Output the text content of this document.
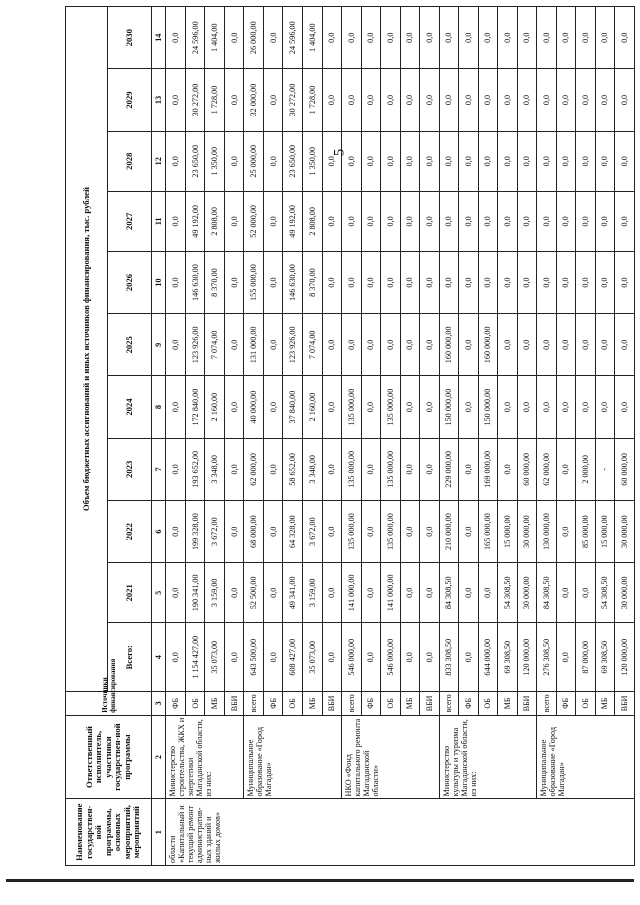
5
Наименование государствен-ной программы, основных мероприятий, мероприятий	Ответственный исполнитель, участники государствен-ной программы	Источники финансирования	Объем бюджетных ассигнований и иных источников финансирования, тыс. рублей										
			Всего:	2021	2022	2023	2024	2025	2026	2027	2028	2029	2030
1	2	3	4	5	6	7	8	9	10	11	12	13	14
области «Капитальный и текущий ремонт административ-ных зданий и жилых домов»	Министерство строительства, ЖКХ и энергетики Магаданской области, из них:	ФБ	0,0	0,0	0,0	0,0	0,0	0,0	0,0	0,0	0,0	0,0	0,0
		ОБ	1 154 427,00	190 341,00	199 328,00	193 652,00	172 840,00	123 926,00	146 630,00	49 192,00	23 650,00	30 272,00	24 596,00
		МБ	35 073,00	3 159,00	3 672,00	3 348,00	2 160,00	7 074,00	8 370,00	2 808,00	1 350,00	1 728,00	1 404,00
		ВБИ	0,0	0,0	0,0	0,0	0,0	0,0	0,0	0,0	0,0	0,0	0,0
	Муниципальное образование «Город Магадан»	всего	643 500,00	52 500,00	68 000,00	62 000,00	40 000,00	131 000,00	155 000,00	52 000,00	25 000,00	32 000,00	26 000,00
		ФБ	0,0	0,0	0,0	0,0	0,0	0,0	0,0	0,0	0,0	0,0	0,0
		ОБ	608 427,00	49 341,00	64 328,00	58 652,00	37 840,00	123 926,00	146 630,00	49 192,00	23 650,00	30 272,00	24 596,00
		МБ	35 073,00	3 159,00	3 672,00	3 348,00	2 160,00	7 074,00	8 370,00	2 808,00	1 350,00	1 728,00	1 404,00
		ВБИ	0,0	0,0	0,0	0,0	0,0	0,0	0,0	0,0	0,0	0,0	0,0
	НКО «Фонд капитального ремонта Магаданской области»	всего	546 000,00	141 000,00	135 000,00	135 000,00	135 000,00	0,0	0,0	0,0	0,0	0,0	0,0
		ФБ	0,0	0,0	0,0	0,0	0,0	0,0	0,0	0,0	0,0	0,0	0,0
		ОБ	546 000,00	141 000,00	135 000,00	135 000,00	135 000,00	0,0	0,0	0,0	0,0	0,0	0,0
		МБ	0,0	0,0	0,0	0,0	0,0	0,0	0,0	0,0	0,0	0,0	0,0
		ВБИ	0,0	0,0	0,0	0,0	0,0	0,0	0,0	0,0	0,0	0,0	0,0
	Министерство культуры и туризма Магаданской области, из них:	всего	833 308,50	84 308,50	210 000,00	229 000,00	150 000,00	160 000,00	0,0	0,0	0,0	0,0	0,0
		ФБ	0,0	0,0	0,0	0,0	0,0	0,0	0,0	0,0	0,0	0,0	0,0
		ОБ	644 000,00	0,0	165 000,00	169 000,00	150 000,00	160 000,00	0,0	0,0	0,0	0,0	0,0
		МБ	69 308,50	54 308,50	15 000,00	0,0	0,0	0,0	0,0	0,0	0,0	0,0	0,0
		ВБИ	120 000,00	30 000,00	30 000,00	60 000,00	0,0	0,0	0,0	0,0	0,0	0,0	0,0
	Муниципальное образование «Город Магадан»	всего	276 308,50	84 308,50	130 000,00	62 000,00	0,0	0,0	0,0	0,0	0,0	0,0	0,0
		ФБ	0,0	0,0	0,0	0,0	0,0	0,0	0,0	0,0	0,0	0,0	0,0
		ОБ	87 000,00	0,0	85 000,00	2 000,00	0,0	0,0	0,0	0,0	0,0	0,0	0,0
		МБ	69 308,50	54 308,50	15 000,00	-	0,0	0,0	0,0	0,0	0,0	0,0	0,0
		ВБИ	120 000,00	30 000,00	30 000,00	60 000,00	0,0	0,0	0,0	0,0	0,0	0,0	0,0
